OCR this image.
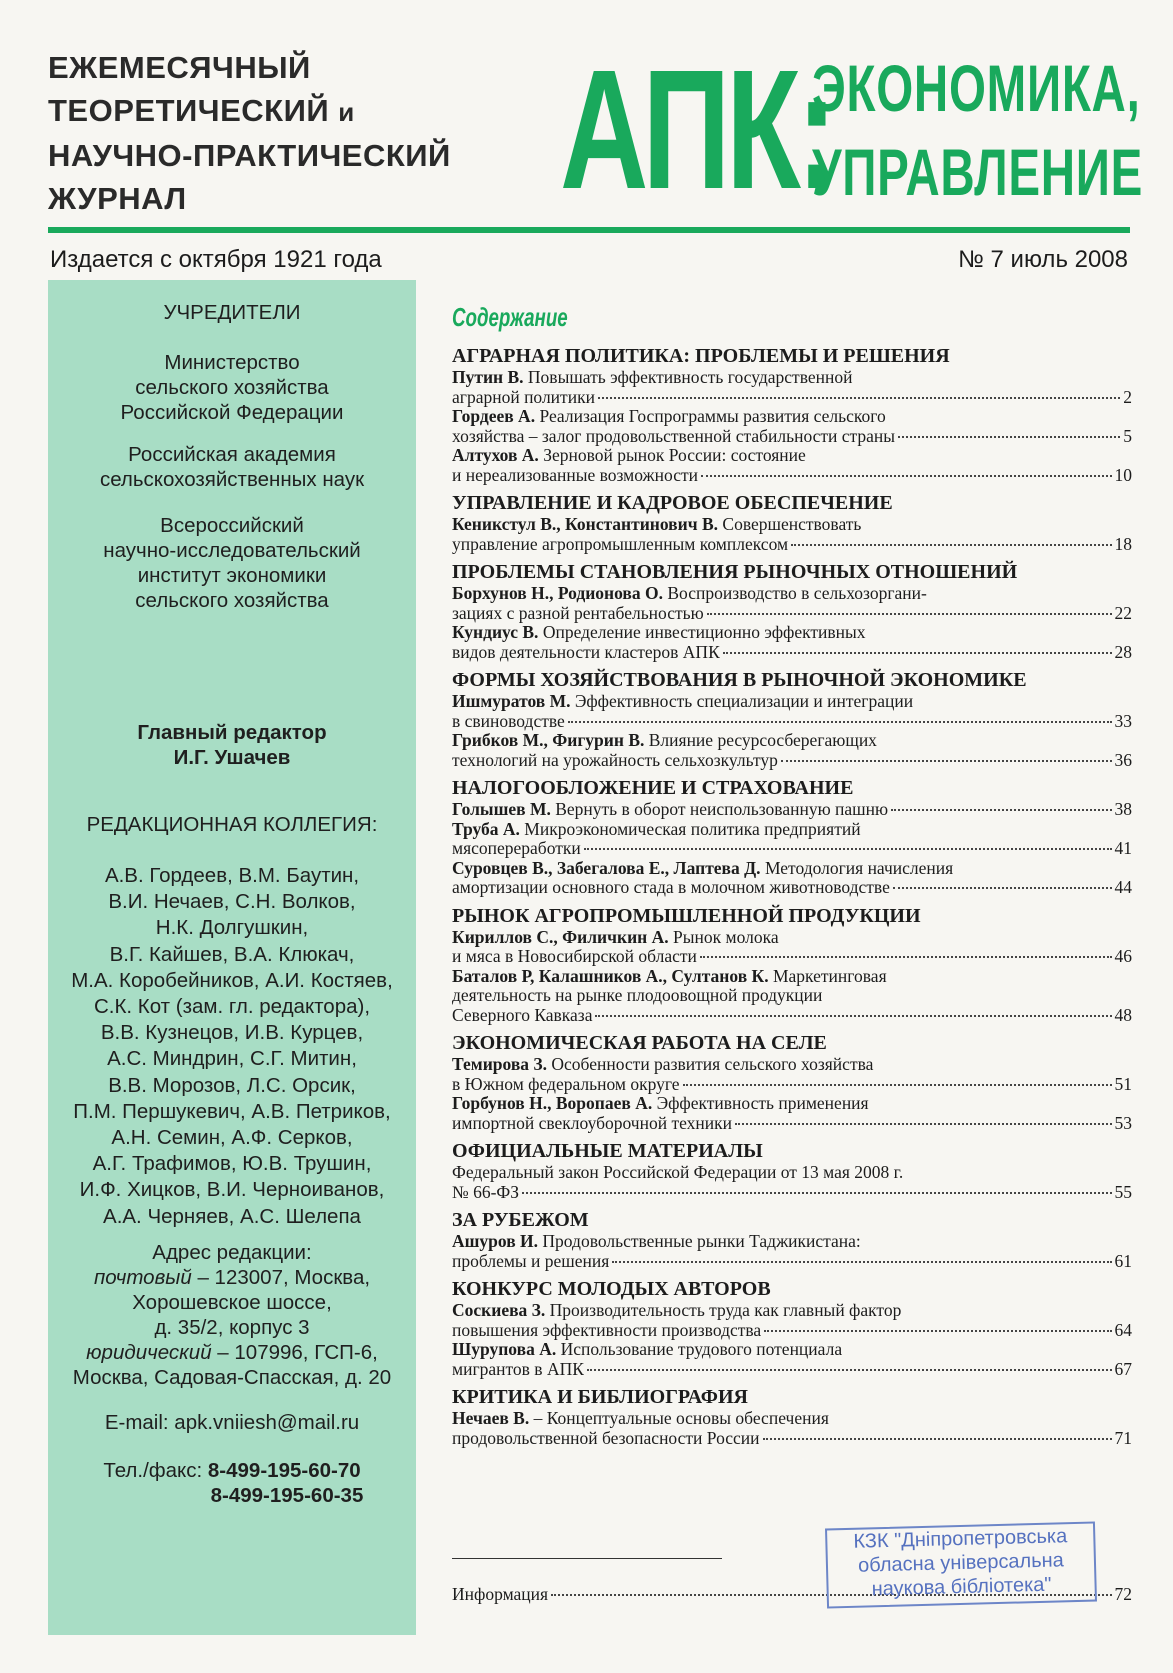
ЕЖЕМЕСЯЧНЫЙ
ТЕОРЕТИЧЕСКИЙ и
НАУЧНО-ПРАКТИЧЕСКИЙ
ЖУРНАЛ	АПК:
ЭКОНОМИКА,
УПРАВЛЕНИЕ
Издается с октября 1921 года	№ 7 июль 2008
УЧРЕДИТЕЛИ
Министерство
сельского хозяйства
Российской Федерации
Российская академия
сельскохозяйственных наук
Всероссийский
научно-исследовательский
институт экономики
сельского хозяйства
Главный редактор
И.Г. Ушачев
РЕДАКЦИОННАЯ КОЛЛЕГИЯ:
А.В. Гордеев, В.М. Баутин,
В.И. Нечаев, С.Н. Волков,
Н.К. Долгушкин,
В.Г. Кайшев, В.А. Клюкач,
М.А. Коробейников, А.И. Костяев,
С.К. Кот (зам. гл. редактора),
В.В. Кузнецов, И.В. Курцев,
А.С. Миндрин, С.Г. Митин,
В.В. Морозов, Л.С. Орсик,
П.М. Першукевич, А.В. Петриков,
А.Н. Семин, А.Ф. Серков,
А.Г. Трафимов, Ю.В. Трушин,
И.Ф. Хицков, В.И. Черноиванов,
А.А. Черняев, А.С. Шелепа
Адрес редакции:
почтовый – 123007, Москва,
Хорошевское шоссе,
д. 35/2, корпус 3
юридический – 107996, ГСП-6,
Москва, Садовая-Спасская, д. 20
E-mail: apk.vniiesh@mail.ru
Тел./факс: 8-499-195-60-70
8-499-195-60-35
Содержание
АГРАРНАЯ ПОЛИТИКА: ПРОБЛЕМЫ И РЕШЕНИЯ
Путин В. Повышать эффективность государственной
аграрной политики	2
Гордеев А. Реализация Госпрограммы развития сельского
хозяйства – залог продовольственной стабильности страны	5
Алтухов А. Зерновой рынок России: состояние
и нереализованные возможности	10
УПРАВЛЕНИЕ И КАДРОВОЕ ОБЕСПЕЧЕНИЕ
Кеникстул В., Константинович В. Совершенствовать
управление агропромышленным комплексом	18
ПРОБЛЕМЫ СТАНОВЛЕНИЯ РЫНОЧНЫХ ОТНОШЕНИЙ
Борхунов Н., Родионова О. Воспроизводство в сельхозоргани-
зациях с разной рентабельностью	22
Кундиус В. Определение инвестиционно эффективных
видов деятельности кластеров АПК	28
ФОРМЫ ХОЗЯЙСТВОВАНИЯ В РЫНОЧНОЙ ЭКОНОМИКЕ
Ишмуратов М. Эффективность специализации и интеграции
в свиноводстве	33
Грибков М., Фигурин В. Влияние ресурсосберегающих
технологий на урожайность сельхозкультур	36
НАЛОГООБЛОЖЕНИЕ И СТРАХОВАНИЕ
Голышев М. Вернуть в оборот неиспользованную пашню	38
Труба А. Микроэкономическая политика предприятий
мясопереработки	41
Суровцев В., Забегалова Е., Лаптева Д. Методология начисления
амортизации основного стада в молочном животноводстве	44
РЫНОК АГРОПРОМЫШЛЕННОЙ ПРОДУКЦИИ
Кириллов С., Филичкин А. Рынок молока
и мяса в Новосибирской области	46
Баталов Р, Калашников А., Султанов К. Маркетинговая
деятельность на рынке плодоовощной продукции
Северного Кавказа	48
ЭКОНОМИЧЕСКАЯ РАБОТА НА СЕЛЕ
Темирова З. Особенности развития сельского хозяйства
в Южном федеральном округе	51
Горбунов Н., Воропаев А. Эффективность применения
импортной свеклоуборочной техники	53
ОФИЦИАЛЬНЫЕ МАТЕРИАЛЫ
Федеральный закон Российской Федерации от 13 мая 2008 г.
№ 66-ФЗ	55
ЗА РУБЕЖОМ
Ашуров И. Продовольственные рынки Таджикистана:
проблемы и решения	61
КОНКУРС МОЛОДЫХ АВТОРОВ
Соскиева З. Производительность труда как главный фактор
повышения эффективности производства	64
Шурупова А. Использование трудового потенциала
мигрантов в АПК	67
КРИТИКА И БИБЛИОГРАФИЯ
Нечаев В. – Концептуальные основы обеспечения
продовольственной безопасности России	71
Информация	72
КЗК "Дніпропетровська
обласна універсальна
наукова бібліотека"
